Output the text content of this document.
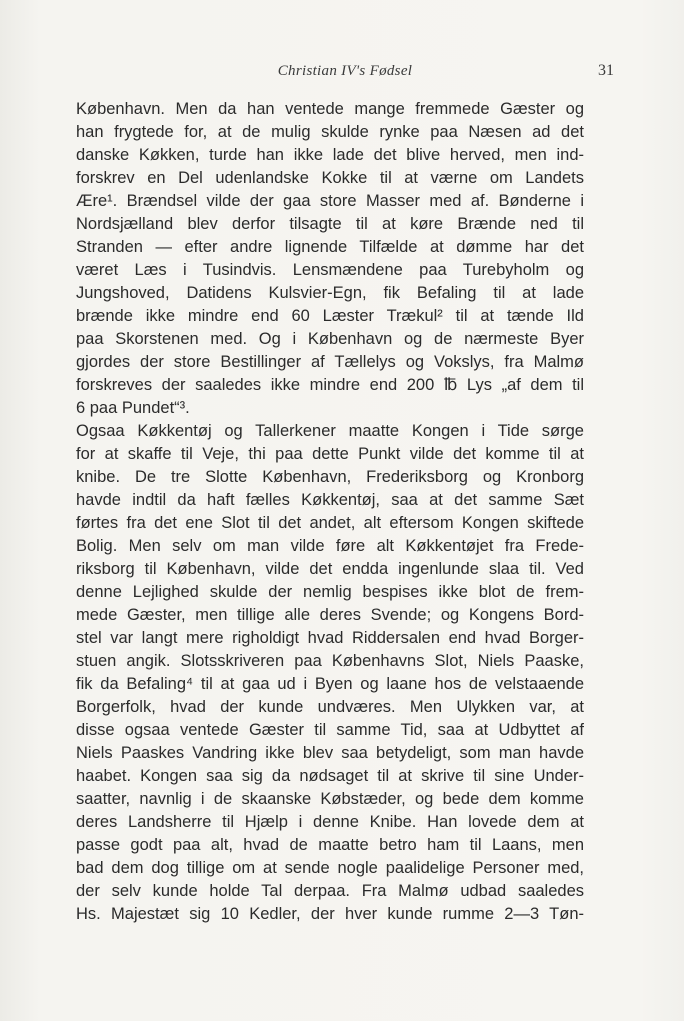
Christian IV's Fødsel	31
København. Men da han ventede mange fremmede Gæster og
han frygtede for, at de mulig skulde rynke paa Næsen ad det
danske Køkken, turde han ikke lade det blive herved, men ind-
forskrev en Del udenlandske Kokke til at værne om Landets
Ære¹. Brændsel vilde der gaa store Masser med af. Bønderne i
Nordsjælland blev derfor tilsagte til at køre Brænde ned til
Stranden — efter andre lignende Tilfælde at dømme har det
været Læs i Tusindvis. Lensmændene paa Turebyholm og
Jungshoved, Datidens Kulsvier-Egn, fik Befaling til at lade
brænde ikke mindre end 60 Læster Trækul² til at tænde Ild
paa Skorstenen med. Og i København og de nærmeste Byer
gjordes der store Bestillinger af Tællelys og Vokslys, fra Malmø
forskreves der saaledes ikke mindre end 200 ℔ Lys „af dem til
6 paa Pundet“³.
Ogsaa Køkkentøj og Tallerkener maatte Kongen i Tide sørge
for at skaffe til Veje, thi paa dette Punkt vilde det komme til at
knibe. De tre Slotte København, Frederiksborg og Kronborg
havde indtil da haft fælles Køkkentøj, saa at det samme Sæt
førtes fra det ene Slot til det andet, alt eftersom Kongen skiftede
Bolig. Men selv om man vilde føre alt Køkkentøjet fra Frede-
riksborg til København, vilde det endda ingenlunde slaa til. Ved
denne Lejlighed skulde der nemlig bespises ikke blot de frem-
mede Gæster, men tillige alle deres Svende; og Kongens Bord-
stel var langt mere righoldigt hvad Riddersalen end hvad Borger-
stuen angik. Slotsskriveren paa Københavns Slot, Niels Paaske,
fik da Befaling⁴ til at gaa ud i Byen og laane hos de velstaaende
Borgerfolk, hvad der kunde undværes. Men Ulykken var, at
disse ogsaa ventede Gæster til samme Tid, saa at Udbyttet af
Niels Paaskes Vandring ikke blev saa betydeligt, som man havde
haabet. Kongen saa sig da nødsaget til at skrive til sine Under-
saatter, navnlig i de skaanske Købstæder, og bede dem komme
deres Landsherre til Hjælp i denne Knibe. Han lovede dem at
passe godt paa alt, hvad de maatte betro ham til Laans, men
bad dem dog tillige om at sende nogle paalidelige Personer med,
der selv kunde holde Tal derpaa. Fra Malmø udbad saaledes
Hs. Majestæt sig 10 Kedler, der hver kunde rumme 2—3 Tøn-
